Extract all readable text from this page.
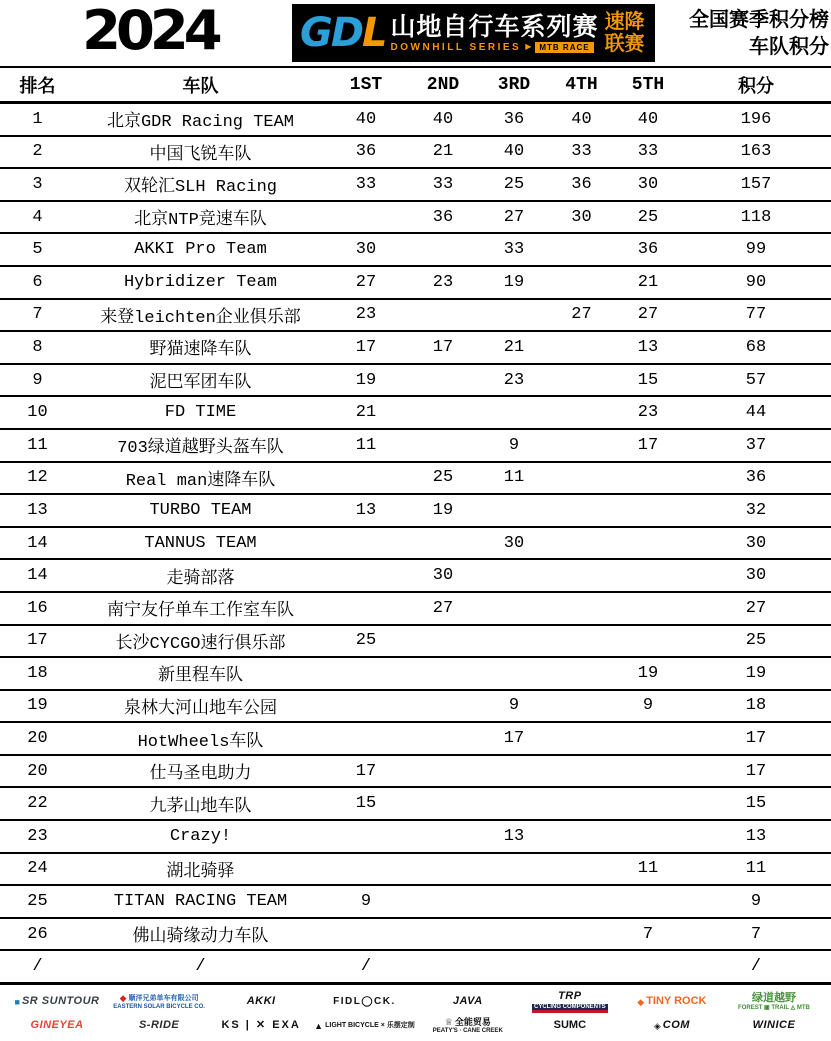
2024 GDL 山地自行车系列赛
DOWNHILL SERIES ▶	MTB RACE
速降
联赛
全国赛季积分榜
车队积分
排名	车队	1ST	2ND	3RD	4TH	5TH	积分
1	北京GDR Racing TEAM	40	40	36	40	40	196
2	中国飞锐车队	36	21	40	33	33	163
3	双轮汇SLH Racing	33	33	25	36	30	157
4	北京NTP竞速车队		36	27	30	25	118
5	AKKI Pro Team	30		33		36	99
6	Hybridizer Team	27	23	19		21	90
7	来登leichten企业俱乐部	23			27	27	77
8	野猫速降车队	17	17	21		13	68
9	泥巴军团车队	19		23		15	57
10	FD TIME	21				23	44
11	703绿道越野头盔车队	11		9		17	37
12	Real man速降车队		25	11			36
13	TURBO TEAM	13	19				32
14	TANNUS TEAM			30			30
14	走骑部落		30				30
16	南宁友仔单车工作室车队		27				27
17	长沙CYCGO速行俱乐部	25					25
18	新里程车队					19	19
19	泉林大河山地车公园			9		9	18
20	HotWheels车队			17			17
20	仕马圣电助力	17					17
22	九茅山地车队	15					15
23	Crazy!			13			13
24	湖北骑驿					11	11
25	TITAN RACING TEAM	9					9
26	佛山骑缘动力车队					7	7
/	/	/					/
■ SR SUNTOUR ◆ 顺洋兄弟单车有限公司
EASTERN SOLAR BICYCLE CO.	AKKI	FIDL◯CK.	JAVA	TRP
CYCLING COMPONENTS
◆ TINY ROCK	绿道越野
FOREST ▣ TRAIL ◬ MTB
GINEYEA	S-RIDE	KS | ✕ EXA ▲ LIGHT BICYCLE × 乐摆定制	♕ 全能贸易
PEATY'S · CANE CREEK	SUMC	◈ COM	WINICE
